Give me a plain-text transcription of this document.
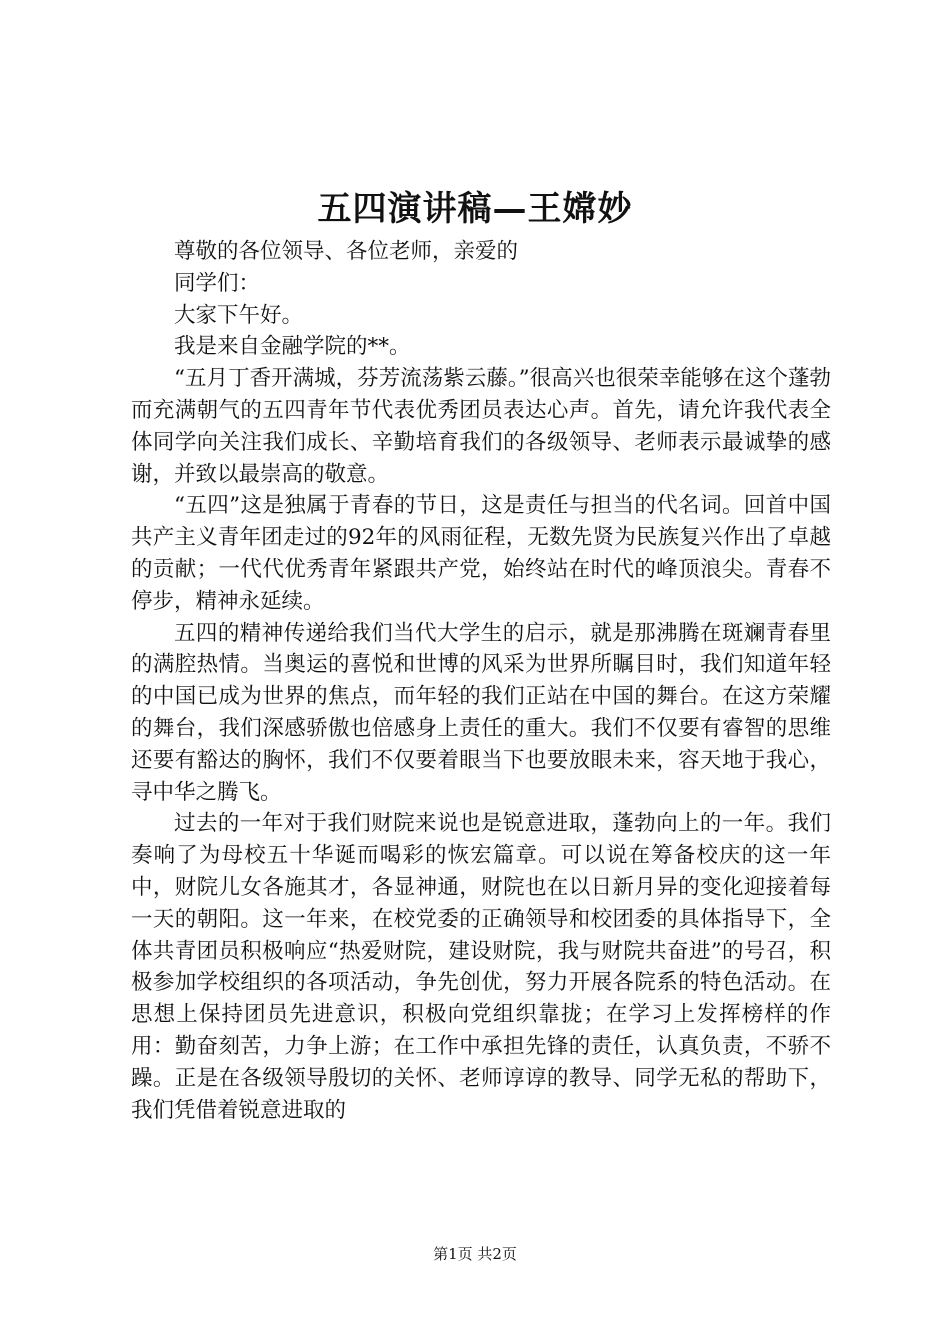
五四演讲稿—王嫦妙

尊敬的各位领导、各位老师，亲爱的

同学们：

大家下午好。

我是来自金融学院的**。

“五月丁香开满城，芬芳流荡紫云藤。”很高兴也很荣幸能够在这个蓬勃而充满朝气的五四青年节代表优秀团员表达心声。首先，请允许我代表全体同学向关注我们成长、辛勤培育我们的各级领导、老师表示最诚挚的感谢，并致以最崇高的敬意。

“五四”这是独属于青春的节日，这是责任与担当的代名词。回首中国共产主义青年团走过的92年的风雨征程，无数先贤为民族复兴作出了卓越的贡献；一代代优秀青年紧跟共产党，始终站在时代的峰顶浪尖。青春不停步，精神永延续。

五四的精神传递给我们当代大学生的启示，就是那沸腾在斑斓青春里的满腔热情。当奥运的喜悦和世博的风采为世界所瞩目时，我们知道年轻的中国已成为世界的焦点，而年轻的我们正站在中国的舞台。在这方荣耀的舞台，我们深感骄傲也倍感身上责任的重大。我们不仅要有睿智的思维还要有豁达的胸怀，我们不仅要着眼当下也要放眼未来，容天地于我心，寻中华之腾飞。

过去的一年对于我们财院来说也是锐意进取，蓬勃向上的一年。我们奏响了为母校五十华诞而喝彩的恢宏篇章。可以说在筹备校庆的这一年中，财院儿女各施其才，各显神通，财院也在以日新月异的变化迎接着每一天的朝阳。这一年来，在校党委的正确领导和校团委的具体指导下，全体共青团员积极响应“热爱财院，建设财院，我与财院共奋进”的号召，积极参加学校组织的各项活动，争先创优，努力开展各院系的特色活动。在思想上保持团员先进意识，积极向党组织靠拢；在学习上发挥榜样的作用：勤奋刻苦，力争上游；在工作中承担先锋的责任，认真负责，不骄不躁。正是在各级领导殷切的关怀、老师谆谆的教导、同学无私的帮助下，我们凭借着锐意进取的

第1页 共2页
